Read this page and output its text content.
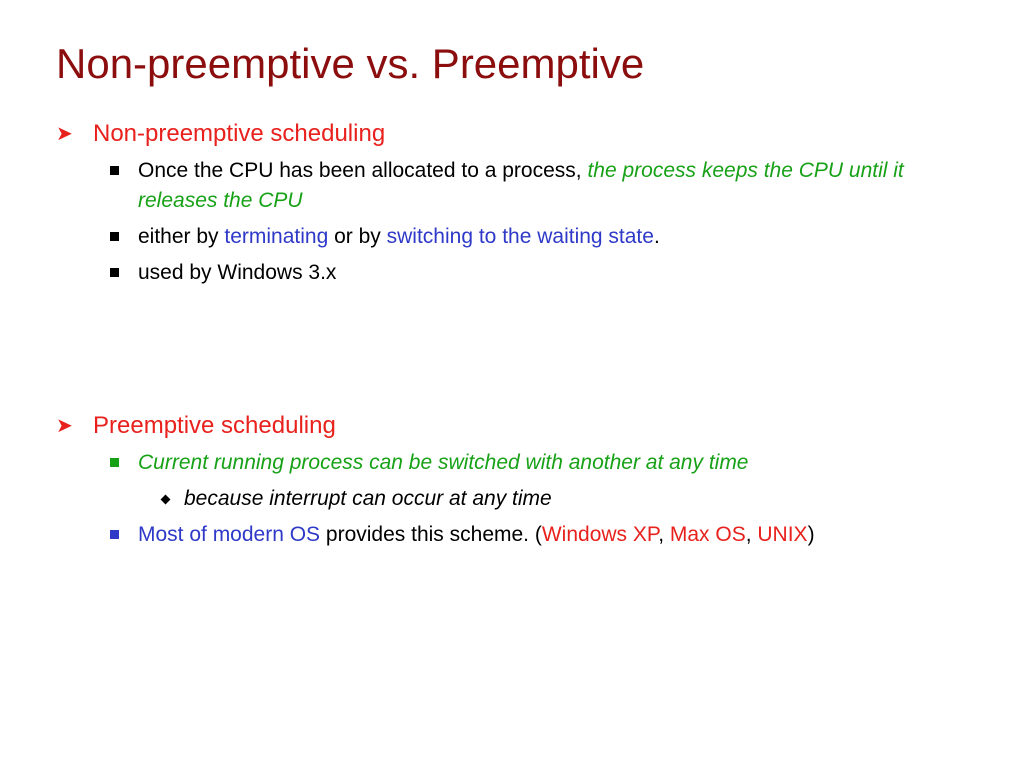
Non-preemptive vs. Preemptive
➤ Non-preemptive scheduling
Once the CPU has been allocated to a process, the process keeps the CPU until it releases the CPU
either by terminating or by switching to the waiting state.
used by Windows 3.x
➤ Preemptive scheduling
Current running process can be switched with another at any time
because interrupt can occur at any time
Most of modern OS provides this scheme. (Windows XP, Max OS, UNIX)
